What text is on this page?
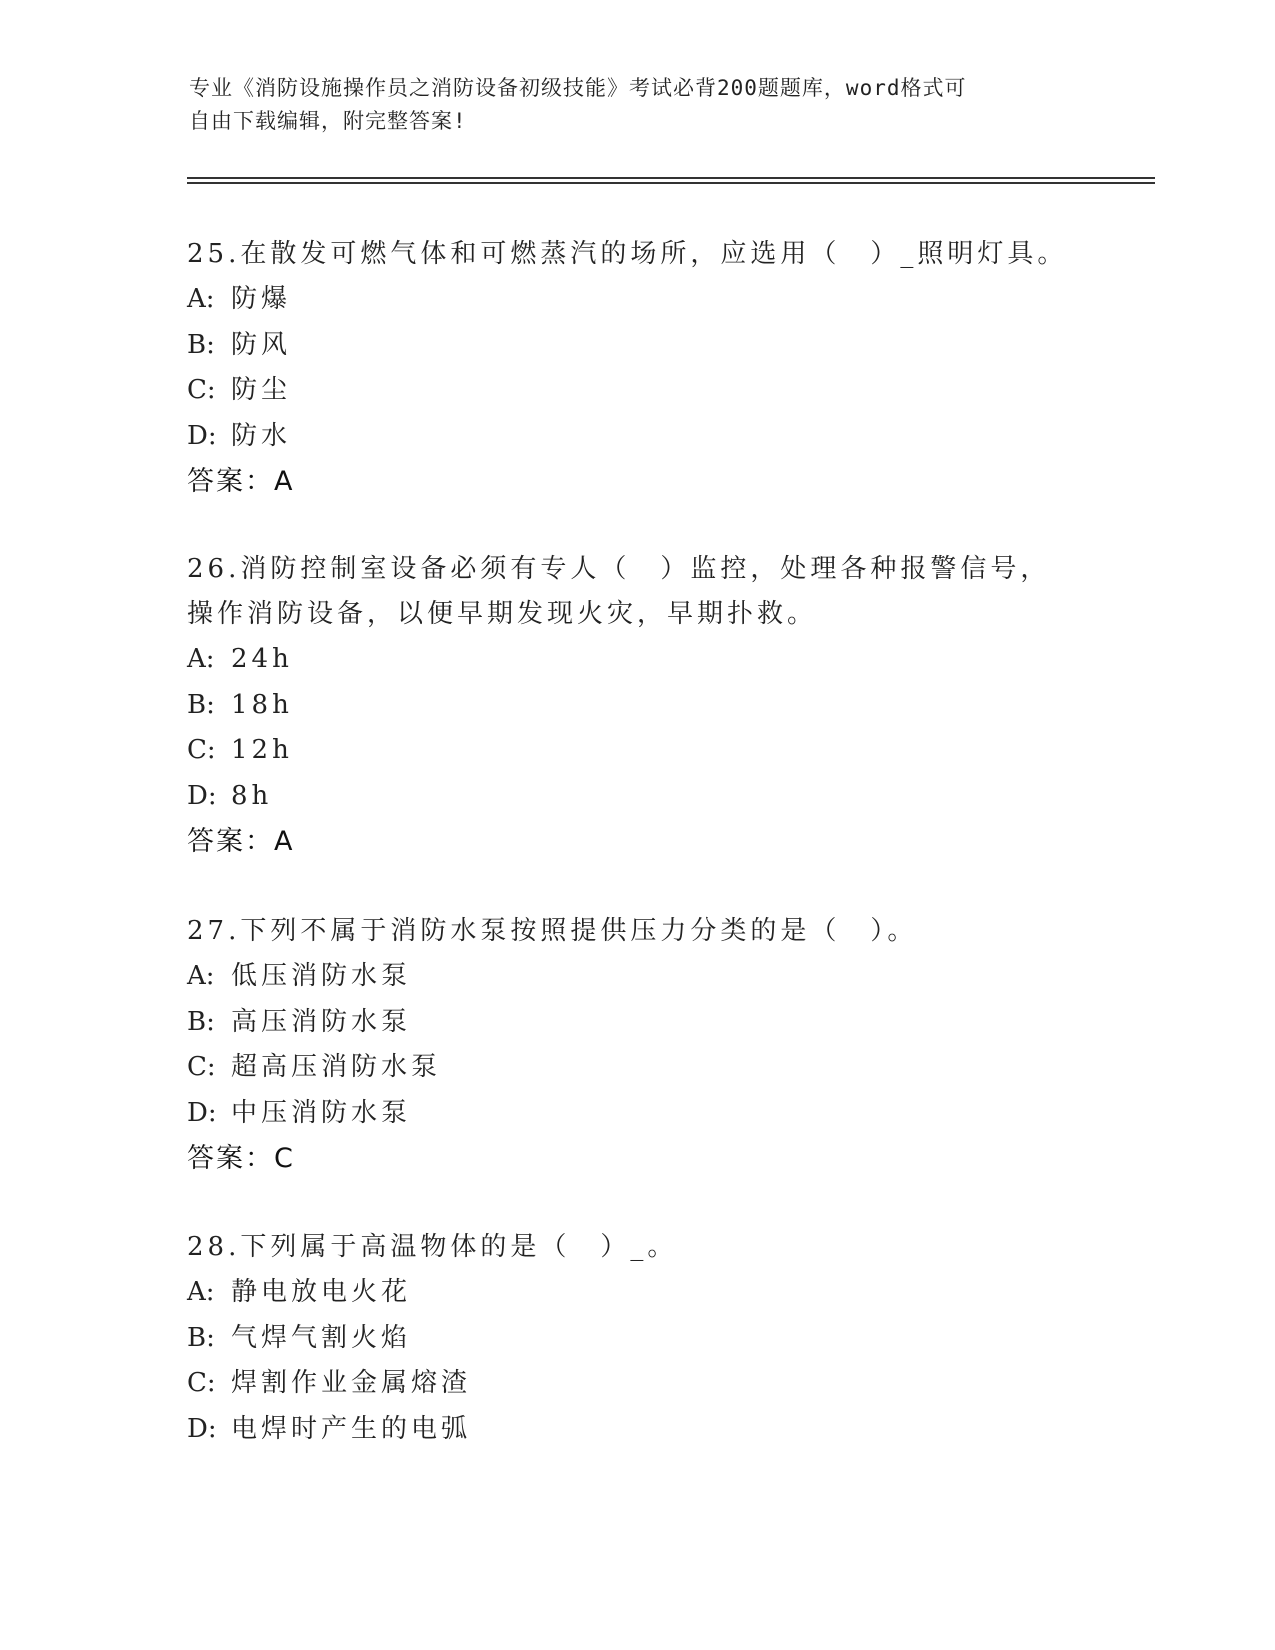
专业《消防设施操作员之消防设备初级技能》考试必背200题题库，word格式可
自由下载编辑，附完整答案!
25.在散发可燃气体和可燃蒸汽的场所，应选用（　）_照明灯具。
A: 防爆
B: 防风
C: 防尘
D: 防水
答案：A
26.消防控制室设备必须有专人（　）监控，处理各种报警信号，操作消防设备，以便早期发现火灾，早期扑救。
A: 24h
B: 18h
C: 12h
D: 8h
答案：A
27.下列不属于消防水泵按照提供压力分类的是（　）。
A: 低压消防水泵
B: 高压消防水泵
C: 超高压消防水泵
D: 中压消防水泵
答案：C
28.下列属于高温物体的是（　）_。
A: 静电放电火花
B: 气焊气割火焰
C: 焊割作业金属熔渣
D: 电焊时产生的电弧
